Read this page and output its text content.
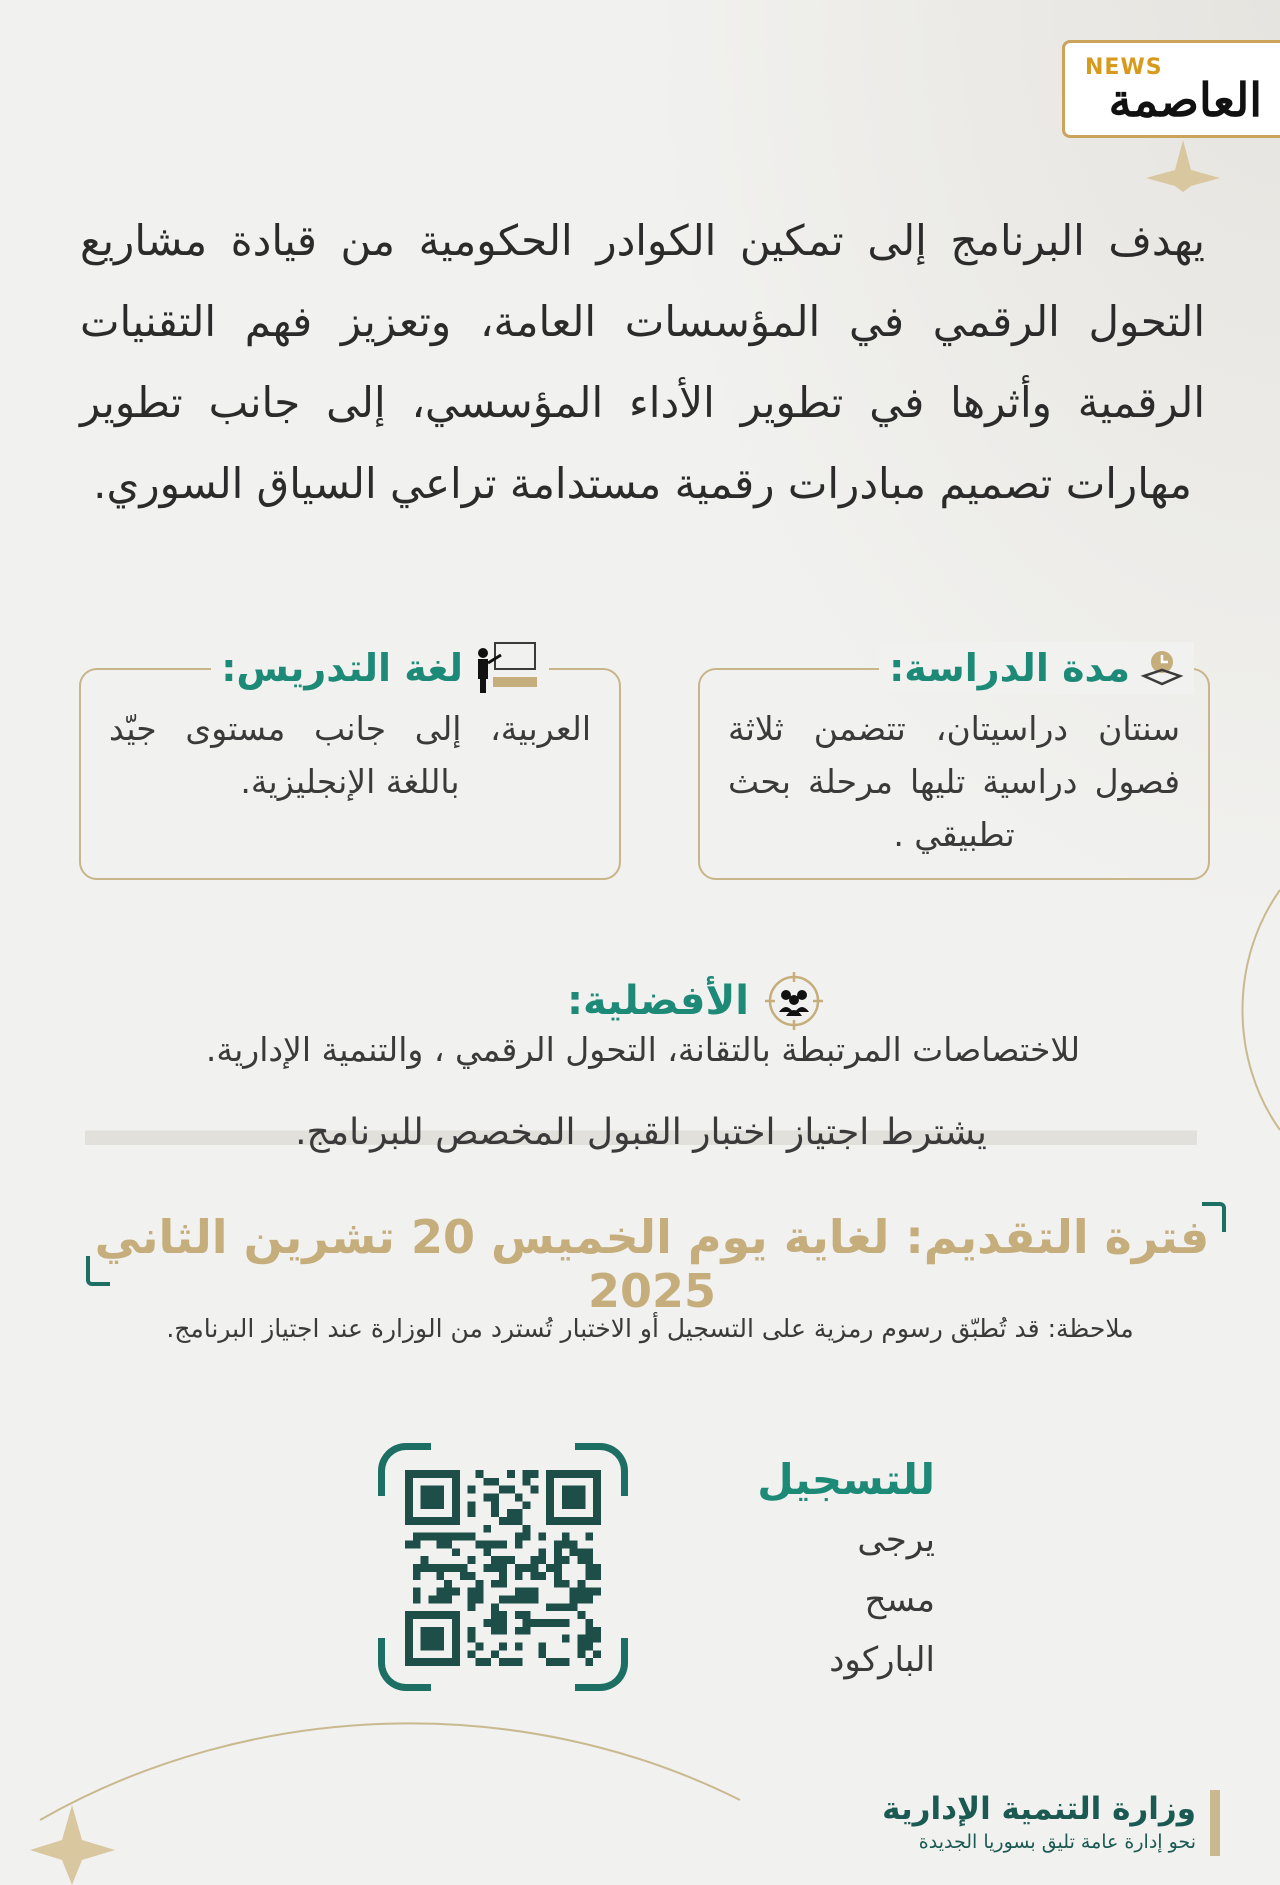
NEWS
العاصمة
يهدف البرنامج إلى تمكين الكوادر الحكومية من قيادة مشاريع التحول الرقمي في المؤسسات العامة، وتعزيز فهم التقنيات الرقمية وأثرها في تطوير الأداء المؤسسي، إلى جانب تطوير مهارات تصميم مبادرات رقمية مستدامة تراعي السياق السوري.
مدة الدراسة:
سنتان دراسيتان، تتضمن ثلاثة فصول دراسية تليها مرحلة بحث تطبيقي .
لغة التدريس:
العربية، إلى جانب مستوى جيّد باللغة الإنجليزية.
الأفضلية:
للاختصاصات المرتبطة بالتقانة، التحول الرقمي ، والتنمية الإدارية.
يشترط اجتياز اختبار القبول المخصص للبرنامج.
فترة التقديم: لغاية يوم الخميس 20 تشرين الثاني 2025
ملاحظة: قد تُطبّق رسوم رمزية على التسجيل أو الاختبار تُسترد من الوزارة عند اجتياز البرنامج.
للتسجيل
يرجى
مسح
الباركود
وزارة التنمية الإدارية
نحو إدارة عامة تليق بسوريا الجديدة
